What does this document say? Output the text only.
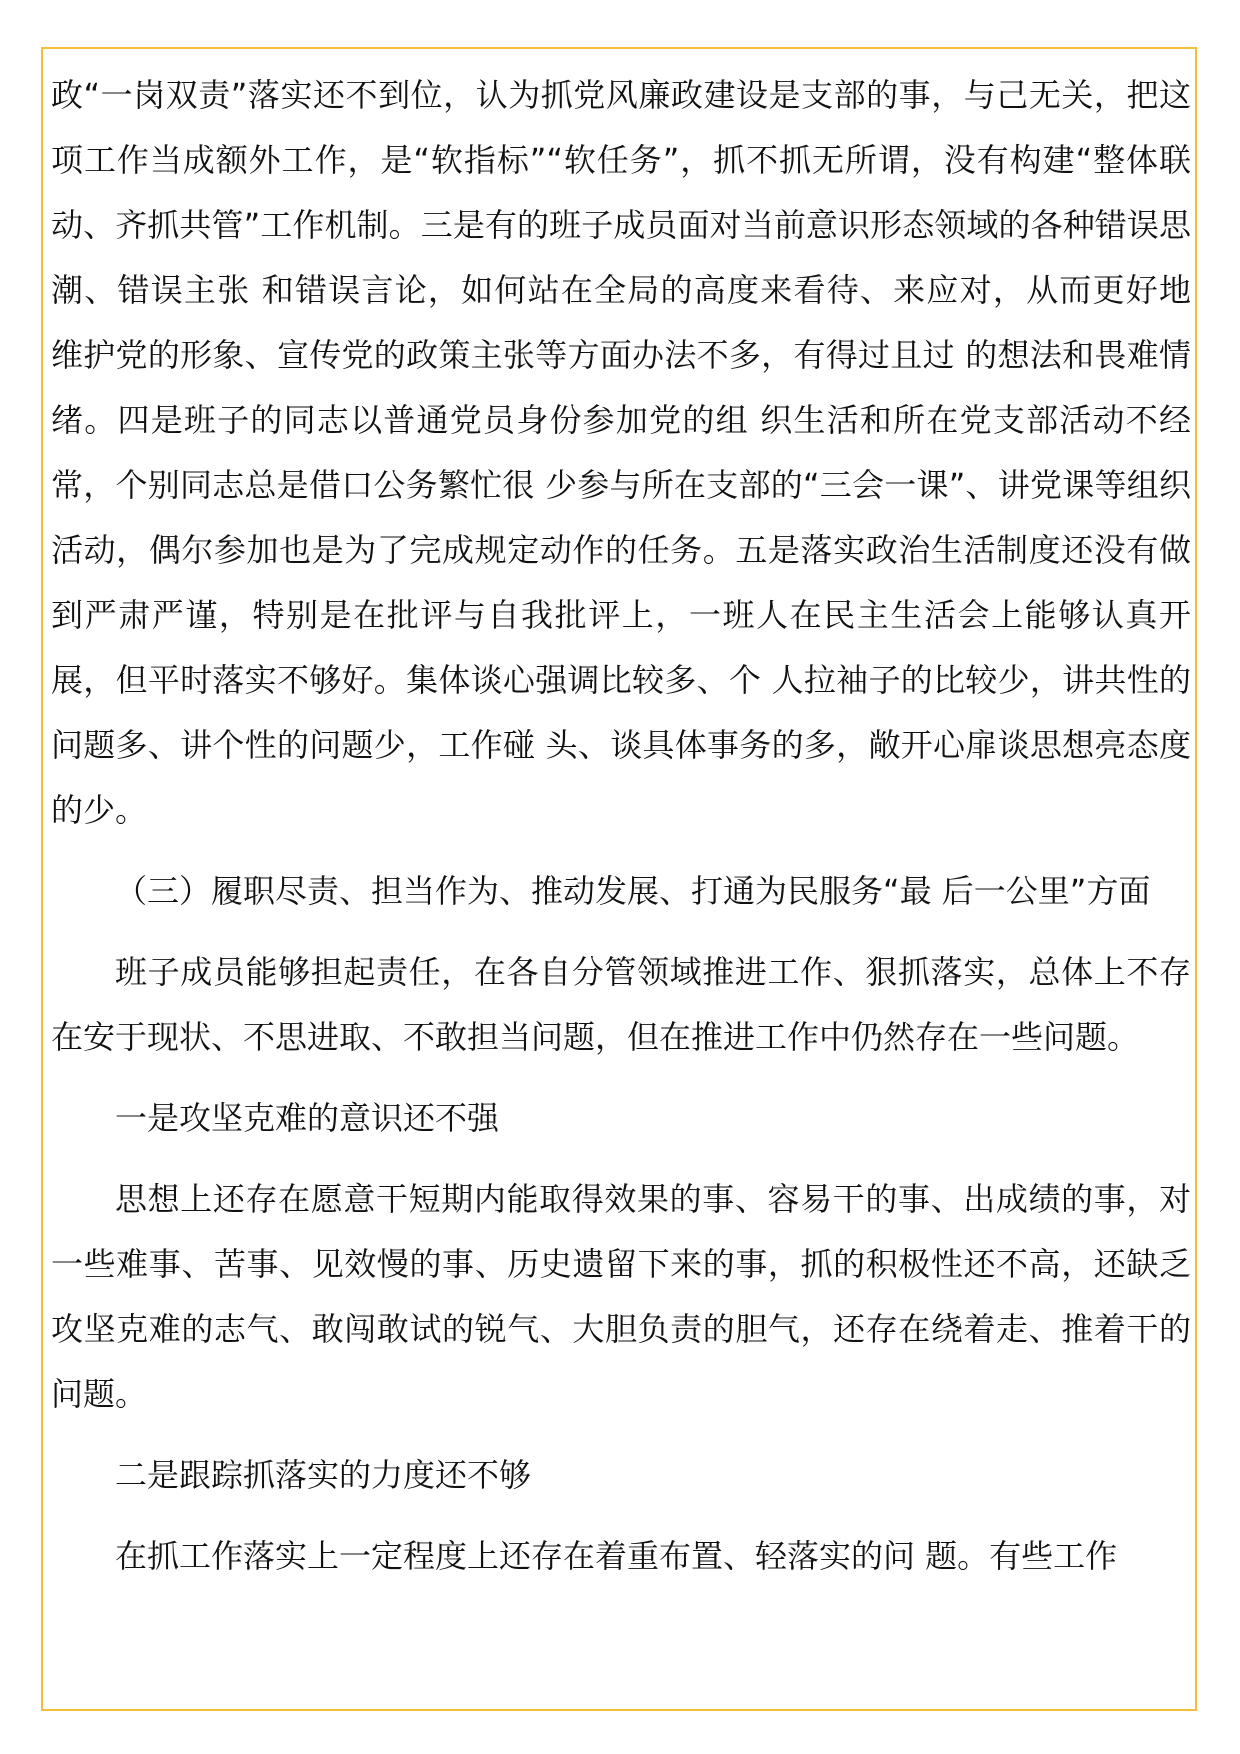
政“一岗双责”落实还不到位，认为抓党风廉政建设是支部的事，与己无关，把这项工作当成额外工作，是“软指标”“软任务”，抓不抓无所谓，没有构建“整体联动、齐抓共管”工作机制。三是有的班子成员面对当前意识形态领域的各种错误思潮、错误主张 和错误言论，如何站在全局的高度来看待、来应对，从而更好地 维护党的形象、宣传党的政策主张等方面办法不多，有得过且过 的想法和畏难情绪。四是班子的同志以普通党员身份参加党的组 织生活和所在党支部活动不经常，个别同志总是借口公务繁忙很 少参与所在支部的“三会一课”、讲党课等组织活动，偶尔参加也是为了完成规定动作的任务。五是落实政治生活制度还没有做 到严肃严谨，特别是在批评与自我批评上，一班人在民主生活会上能够认真开展，但平时落实不够好。集体谈心强调比较多、个 人拉袖子的比较少，讲共性的问题多、讲个性的问题少，工作碰 头、谈具体事务的多，敞开心扉谈思想亮态度的少。

（三）履职尽责、担当作为、推动发展、打通为民服务“最 后一公里”方面

班子成员能够担起责任，在各自分管领域推进工作、狠抓落实，总体上不存在安于现状、不思进取、不敢担当问题，但在推进工作中仍然存在一些问题。

一是攻坚克难的意识还不强

思想上还存在愿意干短期内能取得效果的事、容易干的事、出成绩的事，对一些难事、苦事、见效慢的事、历史遗留下来的事，抓的积极性还不高，还缺乏攻坚克难的志气、敢闯敢试的锐气、大胆负责的胆气，还存在绕着走、推着干的问题。

二是跟踪抓落实的力度还不够

在抓工作落实上一定程度上还存在着重布置、轻落实的问 题。有些工作
